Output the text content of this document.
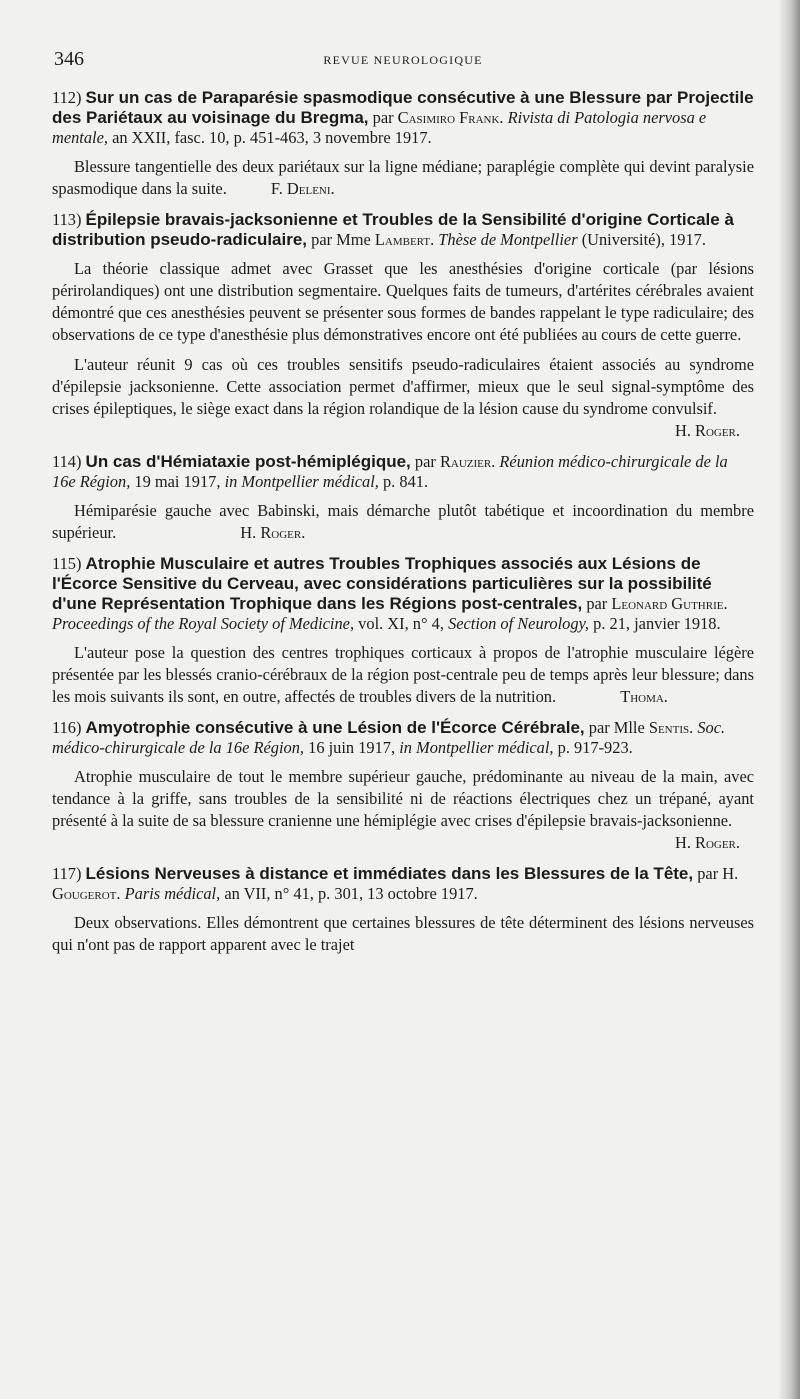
346	REVUE NEUROLOGIQUE

112) Sur un cas de Paraparésie spasmodique consécutive à une Blessure par Projectile des Pariétaux au voisinage du Bregma, par Casimiro Frank. Rivista di Patologia nervosa e mentale, an XXII, fasc. 10, p. 451-463, 3 novembre 1917.

Blessure tangentielle des deux pariétaux sur la ligne médiane; paraplégie complète qui devint paralysie spasmodique dans la suite.	F. Deleni.

113) Épilepsie bravais-jacksonienne et Troubles de la Sensibilité d'origine Corticale à distribution pseudo-radiculaire, par Mme Lambert. Thèse de Montpellier (Université), 1917.

La théorie classique admet avec Grasset que les anesthésies d'origine corticale (par lésions périrolandiques) ont une distribution segmentaire. Quelques faits de tumeurs, d'artérites cérébrales avaient démontré que ces anesthésies peuvent se présenter sous formes de bandes rappelant le type radiculaire; des observations de ce type d'anesthésie plus démonstratives encore ont été publiées au cours de cette guerre.

L'auteur réunit 9 cas où ces troubles sensitifs pseudo-radiculaires étaient associés au syndrome d'épilepsie jacksonienne. Cette association permet d'affirmer, mieux que le seul signal-symptôme des crises épileptiques, le siège exact dans la région rolandique de la lésion cause du syndrome convulsif.

H. Roger.

114) Un cas d'Hémiataxie post-hémiplégique, par Rauzier. Réunion médico-chirurgicale de la 16e Région, 19 mai 1917, in Montpellier médical, p. 841.

Hémiparésie gauche avec Babinski, mais démarche plutôt tabétique et incoordination du membre supérieur.	H. Roger.

115) Atrophie Musculaire et autres Troubles Trophiques associés aux Lésions de l'Écorce Sensitive du Cerveau, avec considérations particulières sur la possibilité d'une Représentation Trophique dans les Régions post-centrales, par Leonard Guthrie. Proceedings of the Royal Society of Medicine, vol. XI, n° 4, Section of Neurology, p. 21, janvier 1918.

L'auteur pose la question des centres trophiques corticaux à propos de l'atrophie musculaire légère présentée par les blessés cranio-cérébraux de la région post-centrale peu de temps après leur blessure; dans les mois suivants ils sont, en outre, affectés de troubles divers de la nutrition.	Thoma.

116) Amyotrophie consécutive à une Lésion de l'Écorce Cérébrale, par Mlle Sentis. Soc. médico-chirurgicale de la 16e Région, 16 juin 1917, in Montpellier médical, p. 917-923.

Atrophie musculaire de tout le membre supérieur gauche, prédominante au niveau de la main, avec tendance à la griffe, sans troubles de la sensibilité ni de réactions électriques chez un trépané, ayant présenté à la suite de sa blessure cranienne une hémiplégie avec crises d'épilepsie bravais-jacksonienne.

H. Roger.

117) Lésions Nerveuses à distance et immédiates dans les Blessures de la Tête, par H. Gougerot. Paris médical, an VII, n° 41, p. 301, 13 octobre 1917.

Deux observations. Elles démontrent que certaines blessures de tête déterminent des lésions nerveuses qui n'ont pas de rapport apparent avec le trajet
